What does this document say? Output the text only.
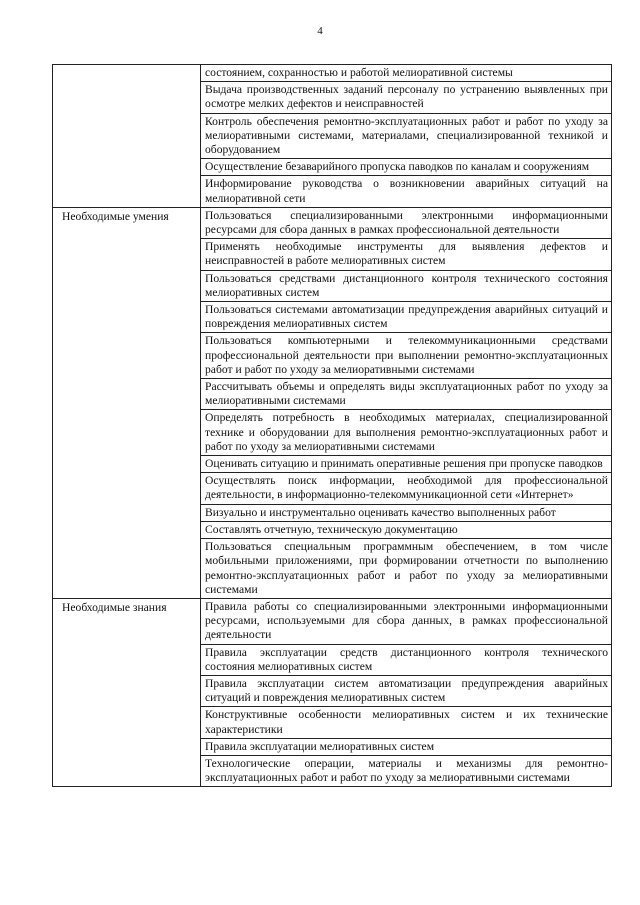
4
	состоянием, сохранностью и работой мелиоративной системы
	Выдача производственных заданий персоналу по устранению выявленных при осмотре мелких дефектов и неисправностей
	Контроль обеспечения ремонтно-эксплуатационных работ и работ по уходу за мелиоративными системами, материалами, специализированной техникой и оборудованием
	Осуществление безаварийного пропуска паводков по каналам и сооружениям
	Информирование руководства о возникновении аварийных ситуаций на мелиоративной сети
Необходимые умения	Пользоваться специализированными электронными информационными ресурсами для сбора данных в рамках профессиональной деятельности
	Применять необходимые инструменты для выявления дефектов и неисправностей в работе мелиоративных систем
	Пользоваться средствами дистанционного контроля технического состояния мелиоративных систем
	Пользоваться системами автоматизации предупреждения аварийных ситуаций и повреждения мелиоративных систем
	Пользоваться компьютерными и телекоммуникационными средствами профессиональной деятельности при выполнении ремонтно-эксплуатационных работ и работ по уходу за мелиоративными системами
	Рассчитывать объемы и определять виды эксплуатационных работ по уходу за мелиоративными системами
	Определять потребность в необходимых материалах, специализированной технике и оборудовании для выполнения ремонтно-эксплуатационных работ и работ по уходу за мелиоративными системами
	Оценивать ситуацию и принимать оперативные решения при пропуске паводков
	Осуществлять поиск информации, необходимой для профессиональной деятельности, в информационно-телекоммуникационной сети «Интернет»
	Визуально и инструментально оценивать качество выполненных работ
	Составлять отчетную, техническую документацию
	Пользоваться специальным программным обеспечением, в том числе мобильными приложениями, при формировании отчетности по выполнению ремонтно-эксплуатационных работ и работ по уходу за мелиоративными системами
Необходимые знания	Правила работы со специализированными электронными информационными ресурсами, используемыми для сбора данных, в рамках профессиональной деятельности
	Правила эксплуатации средств дистанционного контроля технического состояния мелиоративных систем
	Правила эксплуатации систем автоматизации предупреждения аварийных ситуаций и повреждения мелиоративных систем
	Конструктивные особенности мелиоративных систем и их технические характеристики
	Правила эксплуатации мелиоративных систем
	Технологические операции, материалы и механизмы для ремонтно-эксплуатационных работ и работ по уходу за мелиоративными системами
